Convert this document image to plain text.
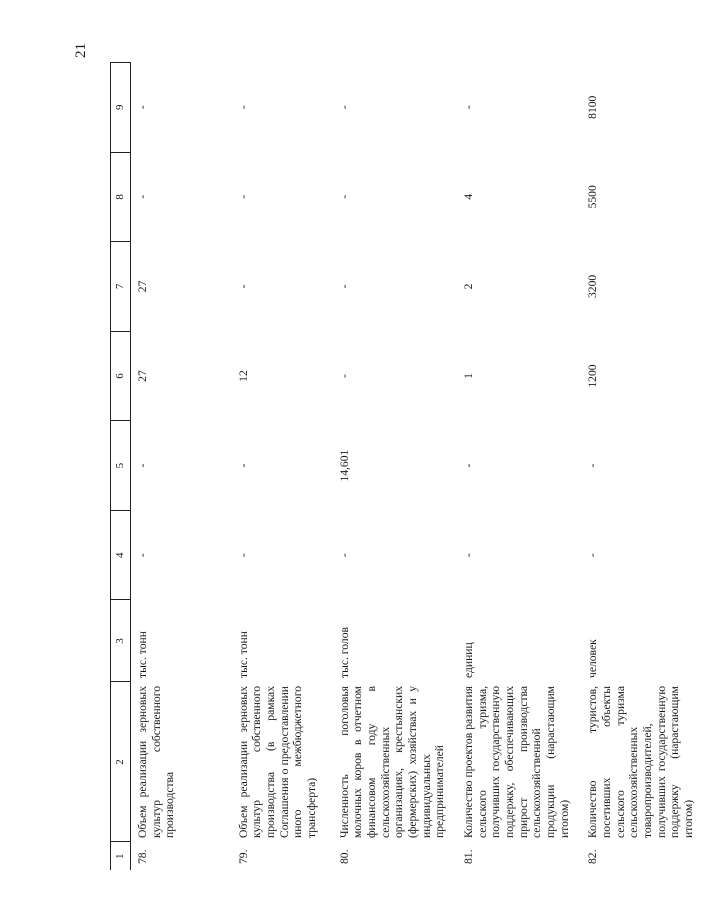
21
1	2	3	4	5	6	7	8	9
78.	Объем реализации зерновых культур собственного производства	тыс. тонн	-	-	27	27	-	-
79.	Объем реализации зерновых культур собственного производства (в рамках Соглашения о предоставлении иного межбюджетного трансферта)	тыс. тонн	-	-	12	-	-	-
80.	Численность поголовья молочных коров в отчетном финансовом году в сельскохозяйственных организациях, крестьянских (фермерских) хозяйствах и у индивидуальных предпринимателей	тыс. голов	-	14,601	-	-	-	-
81.	Количество проектов развития сельского туризма, получивших государственную поддержку, обеспечивающих прирост производства сельскохозяйственной продукции (нарастающим итогом)	единиц	-	-	1	2	4	-
82.	Количество туристов, посетивших объекты сельского туризма сельскохозяйственных товаропроизводителей, получивших государственную поддержку (нарастающим итогом)	человек	-	-	1200	3200	5500	8100
